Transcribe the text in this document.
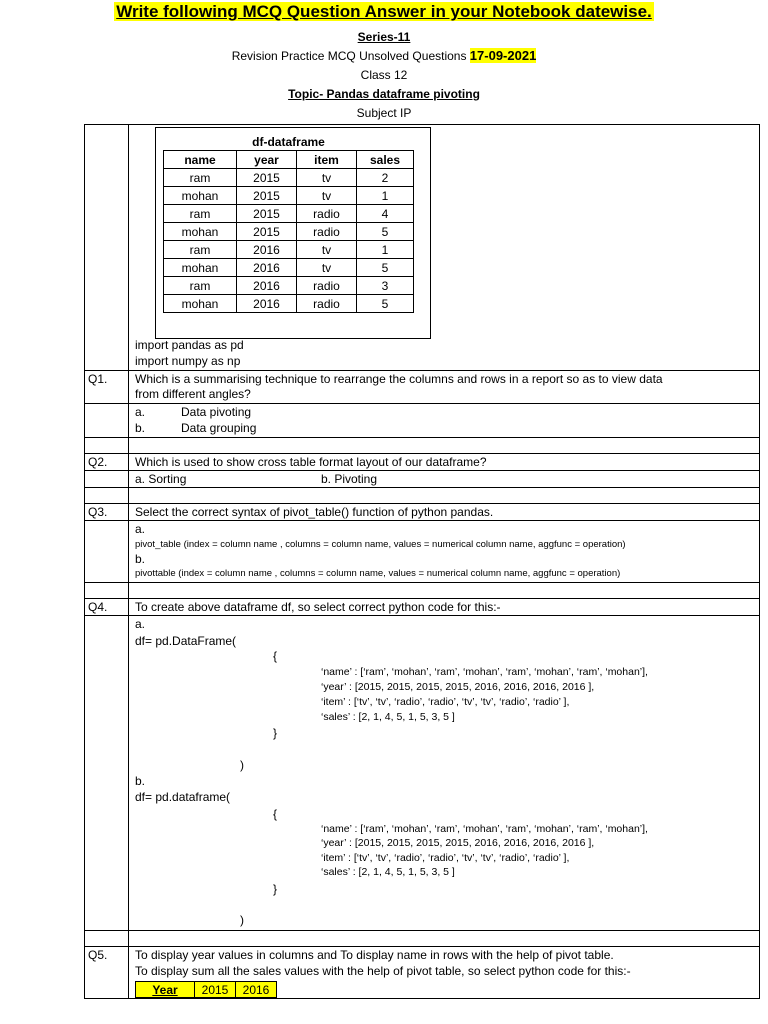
Write following MCQ Question Answer in your Notebook datewise.
Series-11
Revision Practice MCQ Unsolved Questions 17-09-2021
Class 12
Topic- Pandas dataframe pivoting
Subject IP
df-dataframe			
name	year	item	sales
ram	2015	tv	2
mohan	2015	tv	1
ram	2015	radio	4
mohan	2015	radio	5
ram	2016	tv	1
mohan	2016	tv	5
ram	2016	radio	3
mohan	2016	radio	5
import pandas as pd
import numpy as np
Q1. Which is a summarising technique to rearrange the columns and rows in a report so as to view data
from different angles?
a.	Data pivoting
b.	Data grouping
Q2. Which is used to show cross table format layout of our dataframe?
a. Sorting	b. Pivoting
Q3. Select the correct syntax of pivot_table() function of python pandas.
a.
pivot_table (index = column name , columns = column name, values = numerical column name, aggfunc = operation)
b.
pivottable (index = column name , columns = column name, values = numerical column name, aggfunc = operation)
Q4. To create above dataframe df, so select correct python code for this:-
a.
df= pd.DataFrame(
{
‘name’ : [‘ram’, ‘mohan’, ‘ram’, ‘mohan’, ‘ram’, ‘mohan’, ‘ram’, ‘mohan’],
‘year’ : [2015, 2015, 2015, 2015, 2016, 2016, 2016, 2016 ],
‘item’ : [‘tv’, ‘tv’, ‘radio’, ‘radio’, ‘tv’, ‘tv’, ‘radio’, ‘radio’ ],
‘sales’ : [2, 1, 4, 5, 1, 5, 3, 5 ]
}
)
b.
df= pd.dataframe(
{
‘name’ : [‘ram’, ‘mohan’, ‘ram’, ‘mohan’, ‘ram’, ‘mohan’, ‘ram’, ‘mohan’],
‘year’ : [2015, 2015, 2015, 2015, 2016, 2016, 2016, 2016 ],
‘item’ : [‘tv’, ‘tv’, ‘radio’, ‘radio’, ‘tv’, ‘tv’, ‘radio’, ‘radio’ ],
‘sales’ : [2, 1, 4, 5, 1, 5, 3, 5 ]
}
)
Q5. To display year values in columns and To display name in rows with the help of pivot table.
To display sum all the sales values with the help of pivot table, so select python code for this:-
Year	2015	2016
